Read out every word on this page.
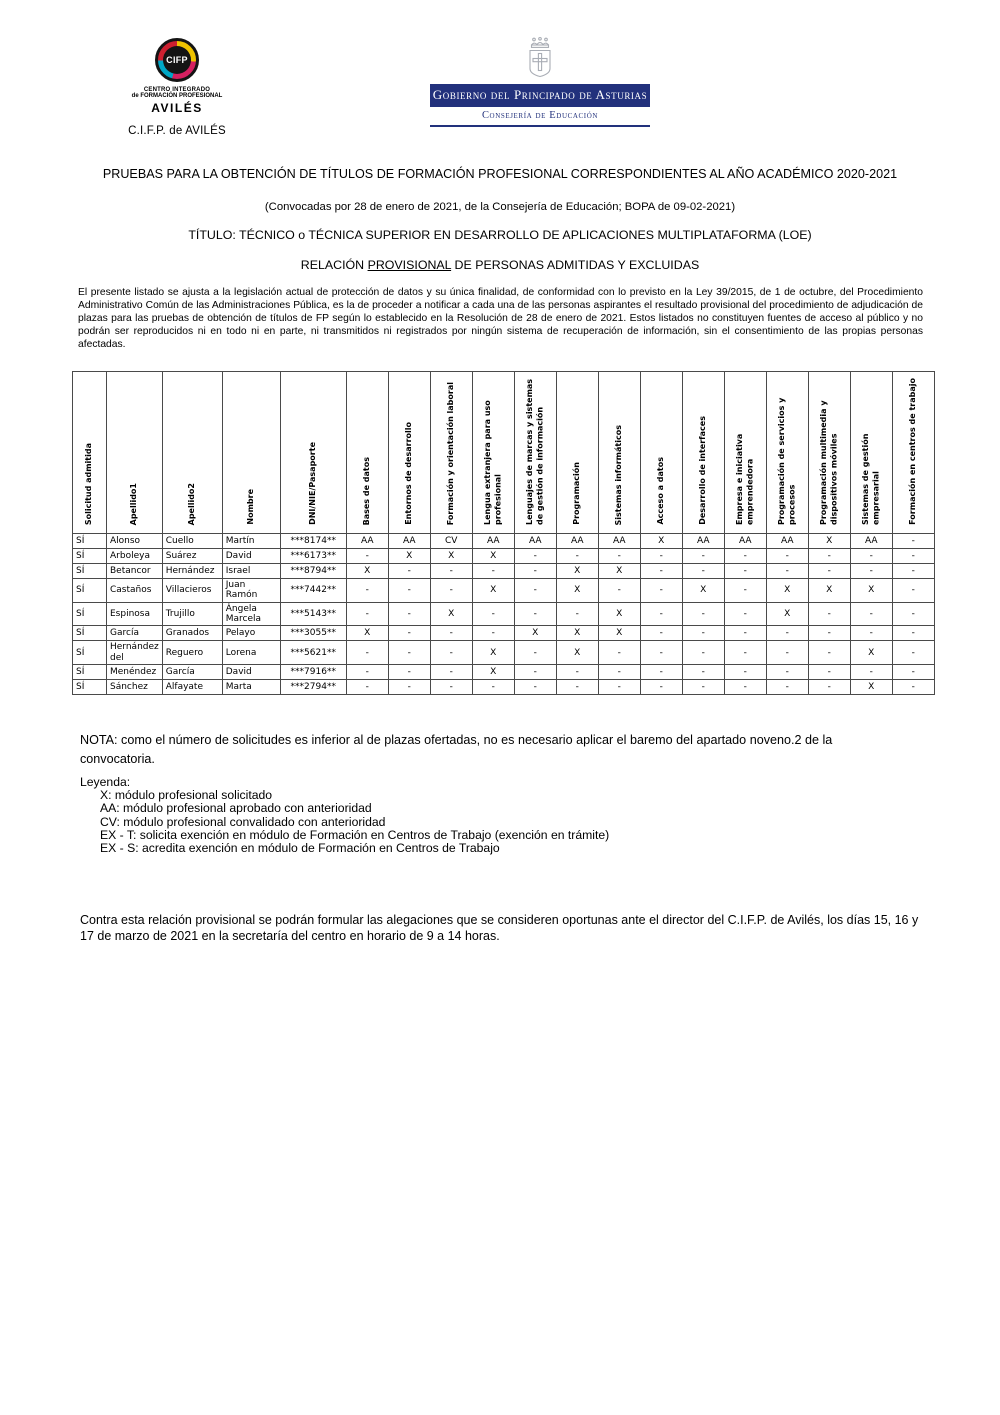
CIFP
CENTRO INTEGRADO
de FORMACIÓN PROFESIONAL
AVILÉS
C.I.F.P. de AVILÉS
Gobierno del Principado de Asturias
Consejería de Educación
PRUEBAS PARA LA OBTENCIÓN DE TÍTULOS DE FORMACIÓN PROFESIONAL CORRESPONDIENTES AL AÑO ACADÉMICO 2020-2021
(Convocadas por 28 de enero de 2021, de la Consejería de Educación; BOPA de 09-02-2021)
TÍTULO: TÉCNICO o TÉCNICA SUPERIOR EN DESARROLLO DE APLICACIONES MULTIPLATAFORMA (LOE)
RELACIÓN PROVISIONAL DE PERSONAS ADMITIDAS Y EXCLUIDAS
El presente listado se ajusta a la legislación actual de protección de datos y su única finalidad, de conformidad con lo previsto en la Ley 39/2015, de 1 de octubre, del Procedimiento Administrativo Común de las Administraciones Pública, es la de proceder a notificar a cada una de las personas aspirantes el resultado provisional del procedimiento de adjudicación de plazas para las pruebas de obtención de títulos de FP según lo establecido en la Resolución de 28 de enero de 2021. Estos listados no constituyen fuentes de acceso al público y no podrán ser reproducidos ni en todo ni en parte, ni transmitidos ni registrados por ningún sistema de recuperación de información, sin el consentimiento de las propias personas afectadas.
Solicitud admitida	Apellido1	Apellido2	Nombre	DNI/NIE/Pasaporte	Bases de datos	Entornos de desarrollo	Formación y orientación laboral	Lengua extranjera para uso profesional	Lenguajes de marcas y sistemas de gestión de información	Programación	Sistemas informáticos	Acceso a datos	Desarrollo de interfaces	Empresa e iniciativa emprendedora	Programación de servicios y procesos	Programación multimedia y dispositivos móviles	Sistemas de gestión empresarial	Formación en centros de trabajo
SÍ	Alonso	Cuello	Martín	***8174**	AA	AA	CV	AA	AA	AA	AA	X	AA	AA	AA	X	AA	-
SÍ	Arboleya	Suárez	David	***6173**	-	X	X	X	-	-	-	-	-	-	-	-	-	-
SÍ	Betancor	Hernández	Israel	***8794**	X	-	-	-	-	X	X	-	-	-	-	-	-	-
SÍ	Castaños	Villacieros	Juan Ramón	***7442**	-	-	-	X	-	X	-	-	X	-	X	X	X	-
SÍ	Espinosa	Trujillo	Ángela Marcela	***5143**	-	-	X	-	-	-	X	-	-	-	X	-	-	-
SÍ	García	Granados	Pelayo	***3055**	X	-	-	-	X	X	X	-	-	-	-	-	-	-
SÍ	Hernández del	Reguero	Lorena	***5621**	-	-	-	X	-	X	-	-	-	-	-	-	X	-
SÍ	Menéndez	García	David	***7916**	-	-	-	X	-	-	-	-	-	-	-	-	-	-
SÍ	Sánchez	Alfayate	Marta	***2794**	-	-	-	-	-	-	-	-	-	-	-	-	X	-
NOTA: como el número de solicitudes es inferior al de plazas ofertadas, no es necesario aplicar el baremo del apartado noveno.2 de la convocatoria.
Leyenda:
X: módulo profesional solicitado
AA: módulo profesional aprobado con anterioridad
CV: módulo profesional convalidado con anterioridad
EX - T: solicita exención en módulo de Formación en Centros de Trabajo (exención en trámite)
EX - S: acredita exención en módulo de Formación en Centros de Trabajo
Contra esta relación provisional se podrán formular las alegaciones que se consideren oportunas ante el director del C.I.F.P. de Avilés, los días 15, 16 y 17 de marzo de 2021 en la secretaría del centro en horario de 9 a 14 horas.
